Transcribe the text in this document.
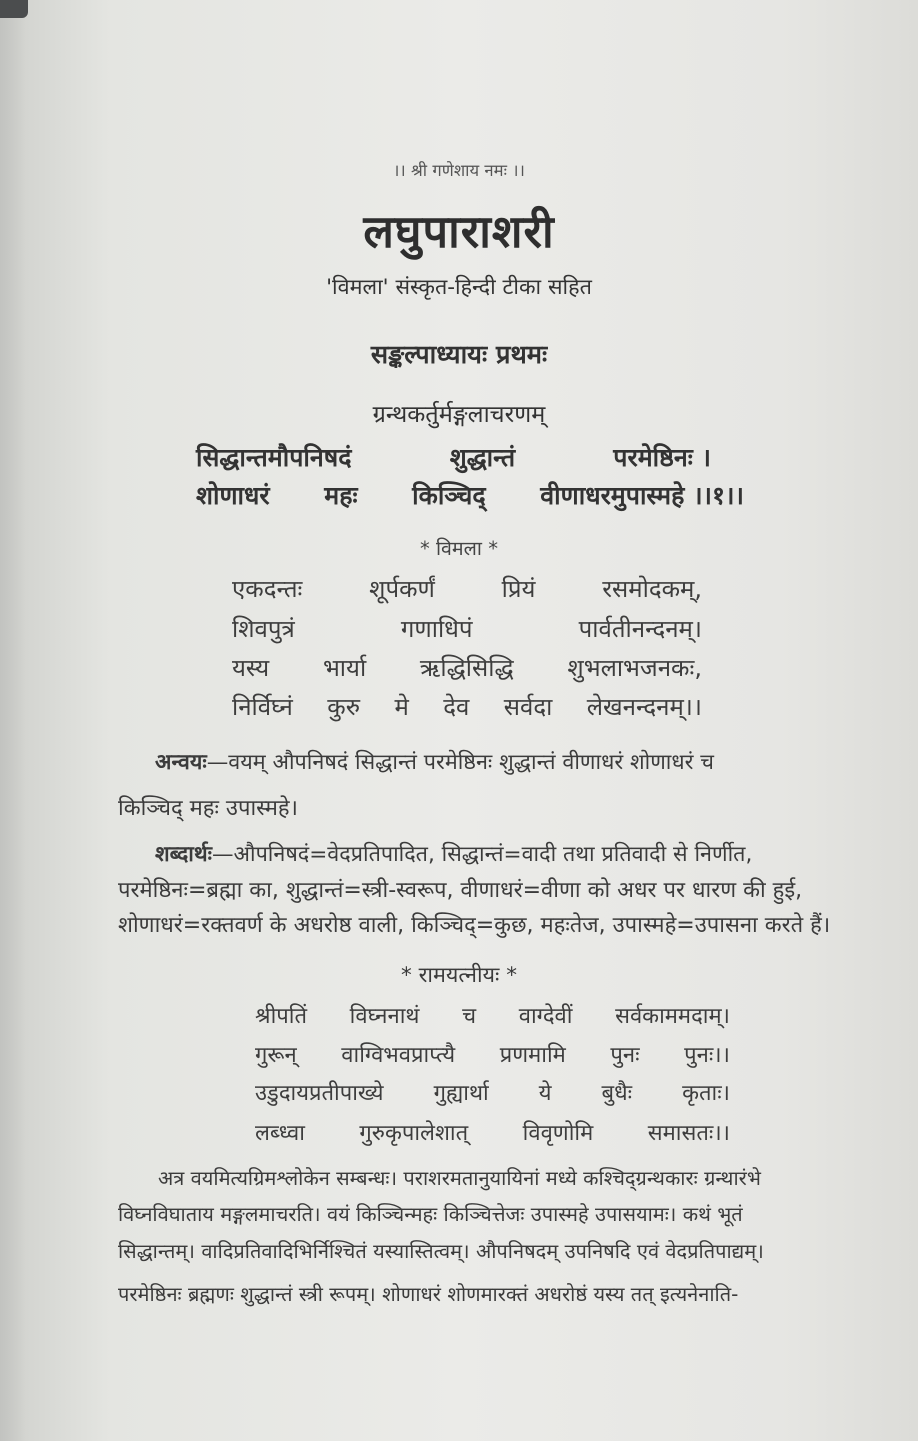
।। श्री गणेशाय नमः ।।
लघुपाराशरी
'विमला' संस्कृत-हिन्दी टीका सहित
सङ्कल्पाध्यायः प्रथमः
ग्रन्थकर्तुर्मङ्गलाचरणम्
सिद्धान्तमौपनिषदं	शुद्धान्तं	परमेष्ठिनः ।
शोणाधरं महः किञ्चिद् वीणाधरमुपास्महे ।।१।।
* विमला *
एकदन्तः	शूर्पकर्णं	प्रियं	रसमोदकम्,
शिवपुत्रं	गणाधिपं	पार्वतीनन्दनम्।
यस्य भार्या ऋद्धिसिद्धि शुभलाभजनकः,
निर्विघ्नं कुरु मे देव सर्वदा लेखनन्दनम्।।
अन्वयः—वयम् औपनिषदं सिद्धान्तं परमेष्ठिनः शुद्धान्तं वीणाधरं शोणाधरं च
किञ्चिद् महः उपास्महे।
शब्दार्थः—औपनिषदं=वेदप्रतिपादित, सिद्धान्तं=वादी तथा प्रतिवादी से निर्णीत,
परमेष्ठिनः=ब्रह्मा का, शुद्धान्तं=स्त्री-स्वरूप, वीणाधरं=वीणा को अधर पर धारण की हुई,
शोणाधरं=रक्तवर्ण के अधरोष्ठ वाली, किञ्चिद्=कुछ, महःतेज, उपास्महे=उपासना करते हैं।
* रामयत्नीयः *
श्रीपतिं विघ्ननाथं च वाग्देवीं सर्वकाममदाम्।
गुरून् वाग्विभवप्राप्त्यै प्रणमामि पुनः पुनः।।
उडुदायप्रतीपाख्ये गुह्यार्था ये बुधैः कृताः।
लब्ध्वा गुरुकृपालेशात् विवृणोमि समासतः।।
अत्र वयमित्यग्रिमश्लोकेन सम्बन्धः। पराशरमतानुयायिनां मध्ये कश्चिद्ग्रन्थकारः ग्रन्थारंभे
विघ्नविघाताय मङ्गलमाचरति। वयं किञ्चिन्महः किञ्चित्तेजः उपास्महे उपासयामः। कथं भूतं
सिद्धान्तम्। वादिप्रतिवादिभिर्निश्चितं यस्यास्तित्वम्। औपनिषदम् उपनिषदि एवं वेदप्रतिपाद्यम्।
परमेष्ठिनः ब्रह्मणः शुद्धान्तं स्त्री रूपम्। शोणाधरं शोणमारक्तं अधरोष्ठं यस्य तत् इत्यनेनाति-
